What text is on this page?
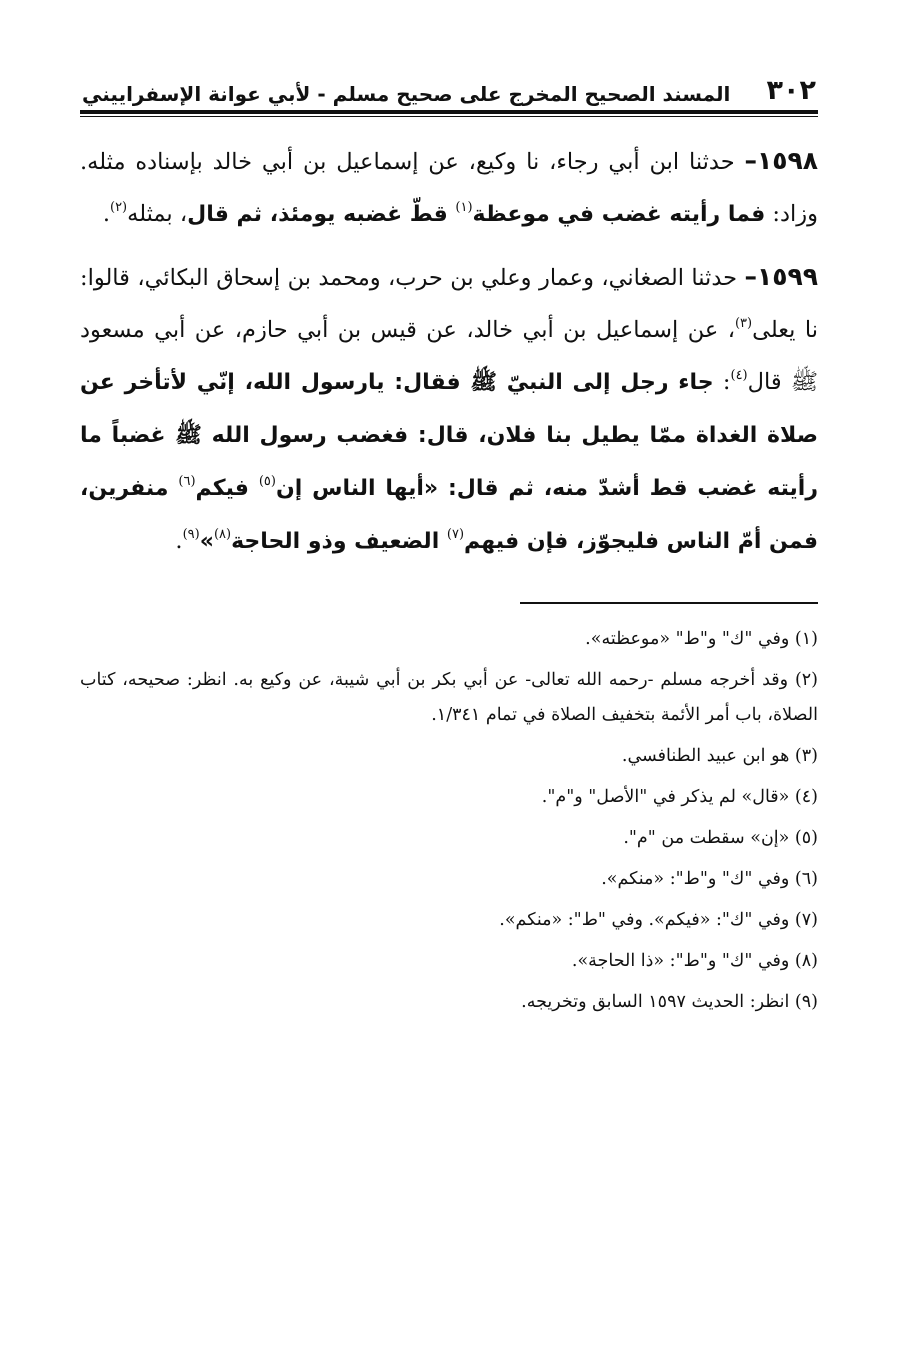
٣٠٢
المسند الصحيح المخرج على صحيح مسلم - لأبي عوانة الإسفراييني

١٥٩٨– حدثنا ابن أبي رجاء، نا وكيع، عن إسماعيل بن أبي خالد بإسناده مثله. وزاد: فما رأيته غضب في موعظة$^{(١)}$ قطّ غضبه يومئذ، ثم قال، بمثله$^{(٢)}$.

١٥٩٩– حدثنا الصغاني، وعمار وعلي بن حرب، ومحمد بن إسحاق البكائي، قالوا: نا يعلى$^{(٣)}$، عن إسماعيل بن أبي خالد، عن قيس بن أبي حازم، عن أبي مسعود ﷺ قال$^{(٤)}$: جاء رجل إلى النبيّ ﷺ فقال: يارسول الله، إنّي لأتأخر عن صلاة الغداة ممّا يطيل بنا فلان، قال: فغضب رسول الله ﷺ غضباً ما رأيته غضب قط أشدّ منه، ثم قال: «أيها الناس إن$^{(٥)}$ فيكم$^{(٦)}$ منفرين، فمن أمّ الناس فليجوّز، فإن فيهم$^{(٧)}$ الضعيف وذو الحاجة$^{(٨)}$»$^{(٩)}$.

(١) وفي "ك" و"ط" «موعظته».

(٢) وقد أخرجه مسلم -رحمه الله تعالى- عن أبي بكر بن أبي شيبة، عن وكيع به. انظر: صحيحه، كتاب الصلاة، باب أمر الأئمة بتخفيف الصلاة في تمام ١/٣٤١.

(٣) هو ابن عبيد الطنافسي.

(٤) «قال» لم يذكر في "الأصل" و"م".

(٥) «إن» سقطت من "م".

(٦) وفي "ك" و"ط": «منكم».

(٧) وفي "ك": «فيكم». وفي "ط": «منكم».

(٨) وفي "ك" و"ط": «ذا الحاجة».

(٩) انظر: الحديث ١٥٩٧ السابق وتخريجه.
